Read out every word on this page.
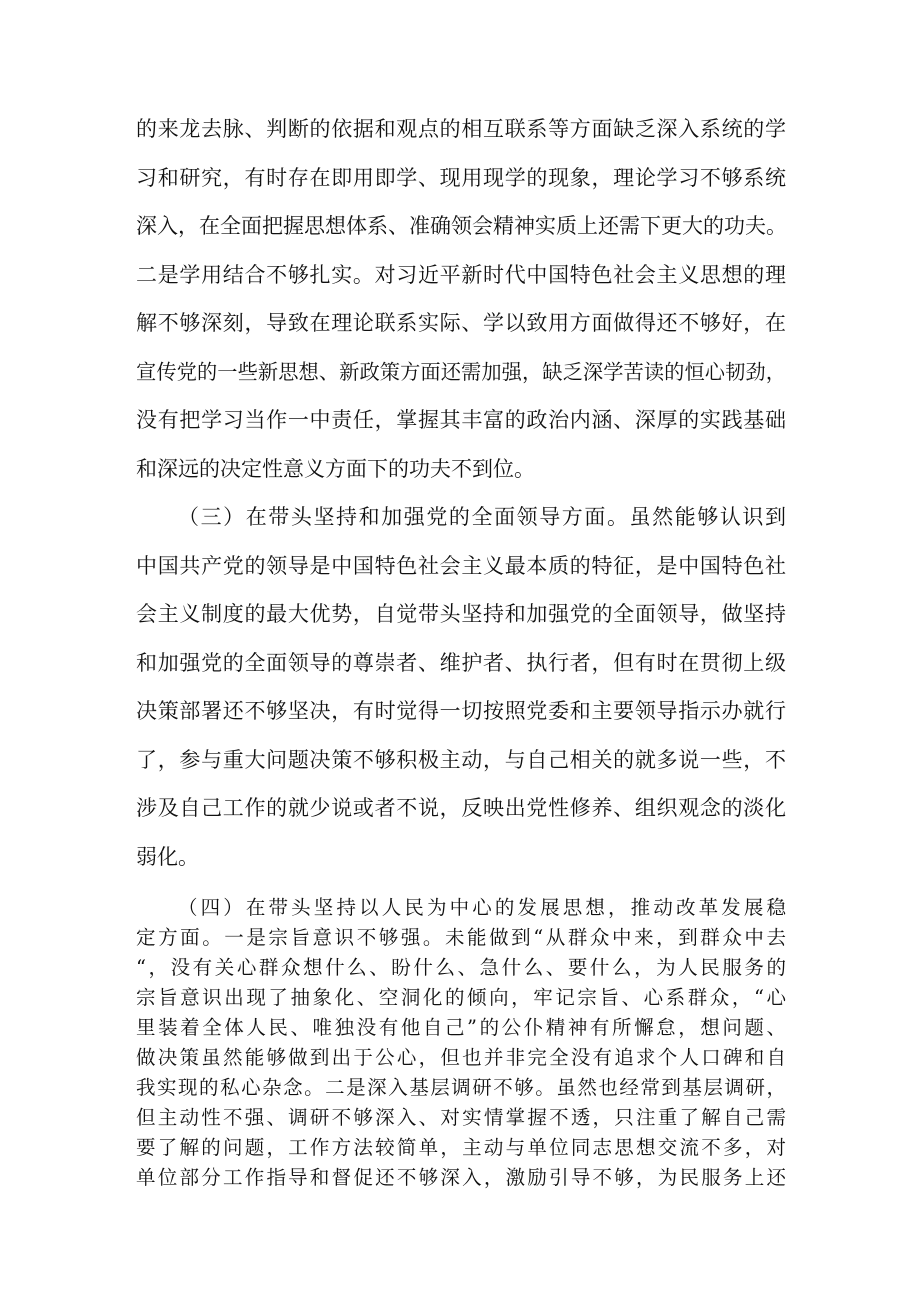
的来龙去脉、判断的依据和观点的相互联系等方面缺乏深入系统的学
习和研究，有时存在即用即学、现用现学的现象，理论学习不够系统
深入，在全面把握思想体系、准确领会精神实质上还需下更大的功夫。
二是学用结合不够扎实。对习近平新时代中国特色社会主义思想的理
解不够深刻，导致在理论联系实际、学以致用方面做得还不够好，在
宣传党的一些新思想、新政策方面还需加强，缺乏深学苦读的恒心韧劲，
没有把学习当作一中责任，掌握其丰富的政治内涵、深厚的实践基础
和深远的决定性意义方面下的功夫不到位。
（三）在带头坚持和加强党的全面领导方面。虽然能够认识到
中国共产党的领导是中国特色社会主义最本质的特征，是中国特色社
会主义制度的最大优势，自觉带头坚持和加强党的全面领导，做坚持
和加强党的全面领导的尊崇者、维护者、执行者，但有时在贯彻上级
决策部署还不够坚决，有时觉得一切按照党委和主要领导指示办就行
了，参与重大问题决策不够积极主动，与自己相关的就多说一些，不
涉及自己工作的就少说或者不说，反映出党性修养、组织观念的淡化
弱化。
（四）在带头坚持以人民为中心的发展思想，推动改革发展稳
定方面。一是宗旨意识不够强。未能做到“从群众中来，到群众中去
“，没有关心群众想什么、盼什么、急什么、要什么，为人民服务的
宗旨意识出现了抽象化、空洞化的倾向，牢记宗旨、心系群众，“心
里装着全体人民、唯独没有他自己”的公仆精神有所懈怠，想问题、
做决策虽然能够做到出于公心，但也并非完全没有追求个人口碑和自
我实现的私心杂念。二是深入基层调研不够。虽然也经常到基层调研，
但主动性不强、调研不够深入、对实情掌握不透，只注重了解自己需
要了解的问题，工作方法较简单，主动与单位同志思想交流不多，对
单位部分工作指导和督促还不够深入，激励引导不够，为民服务上还
